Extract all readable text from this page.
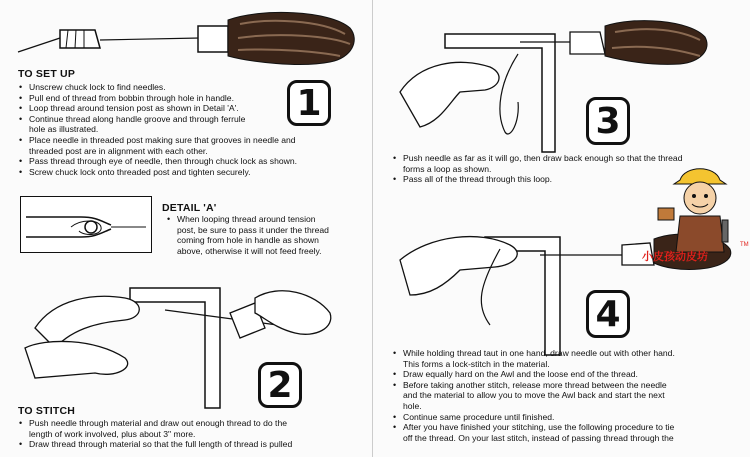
1
TO SET UP
• Unscrew chuck lock to find needles.
• Pull end of thread from bobbin through hole in handle.
• Loop thread around tension post as shown in Detail 'A'.
• Continue thread along handle groove and through ferrule
hole as illustrated.
• Place needle in threaded post making sure that grooves in needle and
threaded post are in alignment with each other.
• Pass thread through eye of needle, then through chuck lock as shown.
• Screw chuck lock onto threaded post and tighten securely.
DETAIL 'A'
• When looping thread around tension
post, be sure to pass it under the thread
coming from hole in handle as shown
above, otherwise it will not feed freely.
2
TO STITCH
• Push needle through material and draw out enough thread to do the
length of work involved, plus about 3" more.
• Draw thread through material so that the full length of thread is pulled
3
• Push needle as far as it will go, then draw back enough so that the thread
forms a loop as shown.
• Pass all of the thread through this loop.
4
• While holding thread taut in one hand, draw needle out with other hand.
This forms a lock-stitch in the material.
• Draw equally hard on the Awl and the loose end of the thread.
• Before taking another stitch, release more thread between the needle
and the material to allow you to move the Awl back and start the next
hole.
• Continue same procedure until finished.
• After you have finished your stitching, use the following procedure to tie
off the thread. On your last stitch, instead of passing thread through the
小皮孩动皮坊
TM
